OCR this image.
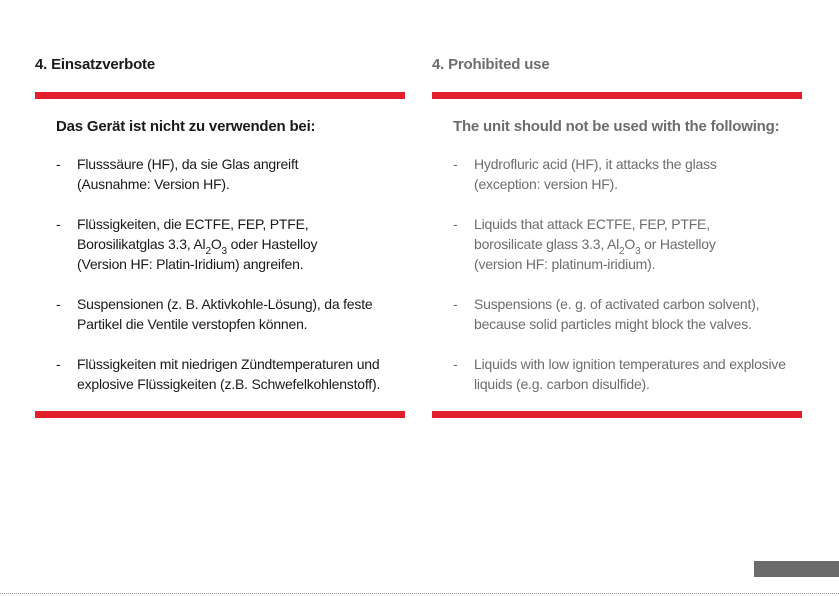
4. Einsatzverbote
Das Gerät ist nicht zu verwenden bei:
- Flusssäure (HF), da sie Glas angreift
(Ausnahme: Version HF).
- Flüssigkeiten, die ECTFE, FEP, PTFE,
Borosilikatglas 3.3, $Al_2O_3$ oder Hastelloy
(Version HF: Platin-Iridium) angreifen.
- Suspensionen (z. B. Aktivkohle-Lösung), da feste
Partikel die Ventile verstopfen können.
- Flüssigkeiten mit niedrigen Zündtemperaturen und
explosive Flüssigkeiten (z.B. Schwefelkohlenstoff).
4. Prohibited use
The unit should not be used with the following:
- Hydrofluric acid (HF), it attacks the glass
(exception: version HF).
- Liquids that attack ECTFE, FEP, PTFE,
borosilicate glass 3.3, $Al_2O_3$ or Hastelloy
(version HF: platinum-iridium).
- Suspensions (e. g. of activated carbon solvent),
because solid particles might block the valves.
- Liquids with low ignition temperatures and explosive
liquids (e.g. carbon disulfide).
